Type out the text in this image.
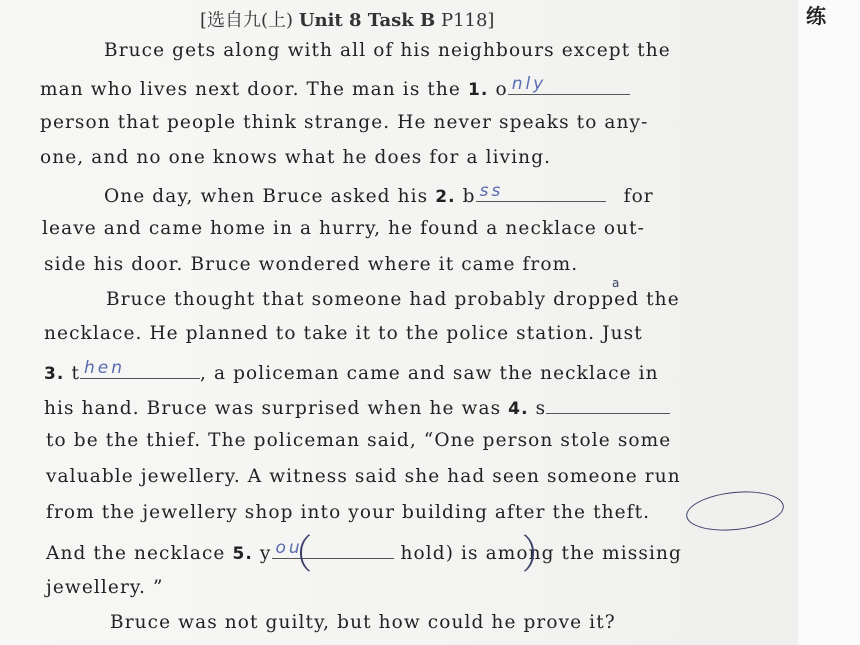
练
[选自九(上) Unit 8 Task B P118]
Bruce gets along with all of his neighbours except the
man who lives next door. The man is the 1. o nly
person that people think strange. He never speaks to any-
one, and no one knows what he does for a living.
One day, when Bruce asked his 2. b ss	for
leave and came home in a hurry, he found a necklace out-
side his door. Bruce wondered where it came from.
Bruce thought that someone had probably dropped the
a
necklace. He planned to take it to the police station. Just
3. t hen	, a policeman came and saw the necklace in
his hand. Bruce was surprised when he was 4. s
to be the thief. The policeman said, “One person stole some
valuable jewellery. A witness said she had seen someone run
from the jewellery shop into your building after the theft.
And the necklace 5. y ou	hold) is among the missing
jewellery. ”
Bruce was not guilty, but how could he prove it?
